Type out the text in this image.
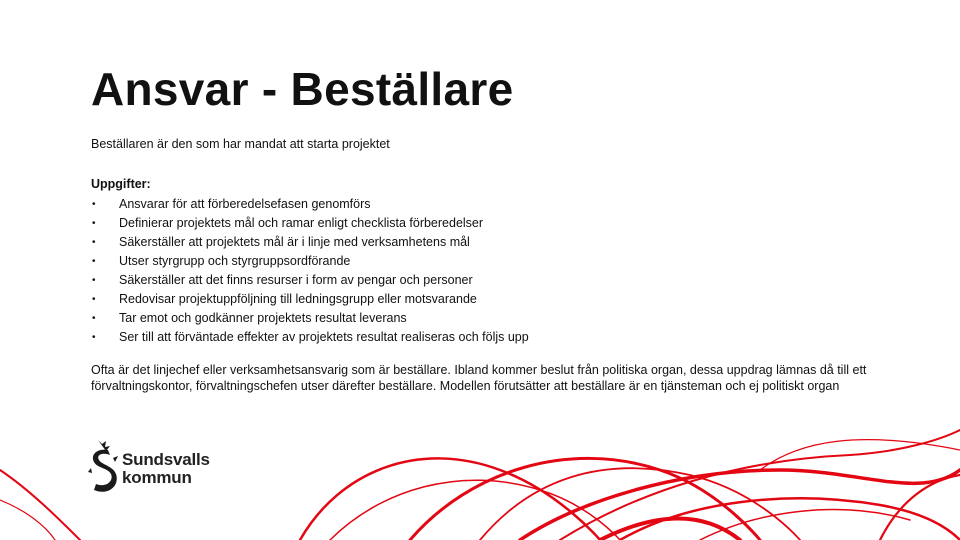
Ansvar - Beställare

Beställaren är den som har mandat att starta projektet

Uppgifter:
• Ansvarar för att förberedelsefasen genomförs
• Definierar projektets mål och ramar enligt checklista förberedelser
• Säkerställer att projektets mål är i linje med verksamhetens mål
• Utser styrgrupp och styrgruppsordförande
• Säkerställer att det finns resurser i form av pengar och personer
• Redovisar projektuppföljning till ledningsgrupp eller motsvarande
• Tar emot och godkänner projektets resultat leverans
• Ser till att förväntade effekter av projektets resultat realiseras och följs upp

Ofta är det linjechef eller verksamhetsansvarig som är beställare. Ibland kommer beslut från politiska organ, dessa uppdrag lämnas då till ett förvaltningskontor, förvaltningschefen utser därefter beställare. Modellen förutsätter att beställare är en tjänsteman och ej politiskt organ

Sundsvalls
kommun
